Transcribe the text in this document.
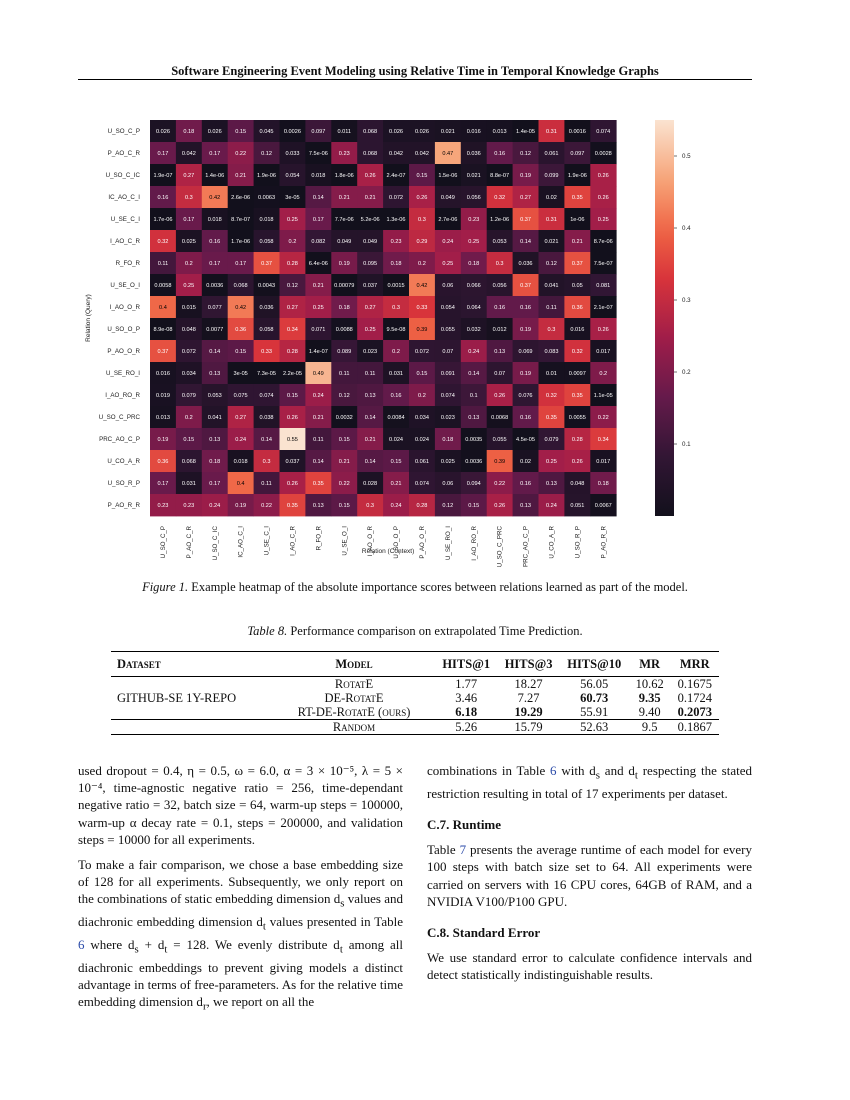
Software Engineering Event Modeling using Relative Time in Temporal Knowledge Graphs
0.026 0.18 0.026 0.15 0.045 0.0026 0.097 0.011 0.068 0.026 0.026 0.021 0.016 0.013 1.4e-05 0.31 0.0016 0.074
0.17 0.042 0.17	0.22	0.12 0.033 7.5e-06 0.23 0.068 0.042 0.042 0.47 0.036 0.16	0.12 0.061 0.097 0.0028
1.9e-07 0.27 1.4e-06 0.21 1.9e-06 0.054 0.018 1.8e-06 0.26 2.4e-07 0.15 1.5e-06 0.021 8.8e-07 0.19 0.099 1.9e-06 0.26
0.16	0.3	0.42 2.6e-06 0.0063 3e-05 0.14	0.21	0.21 0.072 0.26 0.049 0.056 0.32	0.27	0.02	0.35	0.26
1.7e-06 0.17 0.018 8.7e-07 0.018 0.25	0.17 7.7e-06 5.2e-06 1.3e-06 0.3 2.7e-06 0.23 1.2e-06 0.37	0.31 1e-06 0.25
0.32 0.025 0.16 1.7e-06 0.058	0.2	0.082 0.049 0.049 0.23	0.29	0.24	0.25 0.053 0.14 0.021 0.21 8.7e-06
0.11	0.2	0.17	0.17	0.37	0.28 6.4e-06 0.19 0.095 0.18	0.2	0.25	0.18	0.3	0.036 0.12	0.37 7.5e-07
0.0058 0.25 0.0036 0.068 0.0043 0.12	0.21 0.00079 0.037 0.0015 0.42	0.06 0.066 0.056 0.37 0.041 0.05 0.081
0.4	0.015 0.077 0.42 0.036 0.27	0.25	0.18	0.27	0.3	0.33 0.054 0.064 0.16	0.16	0.11	0.36 2.1e-07
8.9e-08 0.048 0.0077 0.36 0.058 0.34 0.071 0.0088 0.25 9.5e-08 0.39 0.055 0.032 0.012 0.19	0.3	0.016 0.26
0.37 0.072 0.14	0.15	0.33	0.28 1.4e-07 0.089 0.023	0.2	0.072 0.07	0.24	0.13 0.069 0.083 0.32 0.017
0.016 0.034 0.13 3e-05 7.3e-05 2.2e-05 0.49	0.11	0.11 0.031 0.15 0.091 0.14	0.07	0.19	0.01 0.0097 0.2
0.019 0.079 0.053 0.075 0.074 0.15	0.24	0.12	0.13	0.16	0.2	0.074	0.1	0.26 0.076 0.32	0.35 1.1e-05
0.013	0.2	0.041 0.27 0.038 0.26	0.21 0.0032 0.14 0.0084 0.034 0.023 0.13 0.0068 0.16	0.35 0.0055 0.22
0.19	0.15	0.13	0.24	0.14	0.55	0.11	0.15	0.21 0.024 0.024 0.18 0.0035 0.055 4.5e-05 0.079 0.28	0.34
0.36 0.068 0.18 0.018	0.3	0.037 0.14	0.21	0.14	0.15 0.061 0.025 0.0036 0.39	0.02	0.25	0.26 0.017
0.17 0.031 0.17	0.4	0.11	0.26	0.35	0.22 0.028 0.21 0.074 0.06 0.094 0.22	0.16	0.13 0.048 0.18
0.23	0.23	0.24	0.19	0.22	0.35	0.13	0.15	0.3	0.24	0.28	0.12	0.15	0.26	0.13	0.24 0.051 0.0067
U_SO_C_P
P_AO_C_R
U_SO_C_IC
IC_AO_C_I
U_SE_C_I
I_AO_C_R
R_FO_R
U_SE_O_I
I_AO_O_R
U_SO_O_P
P_AO_O_R
U_SE_RO_I
I_AO_RO_R
U_SO_C_PRC
PRC_AO_C_P
U_CO_A_R
U_SO_R_P
P_AO_R_R
U_SO_C_P	P_AO_C_R	U_SO_C_IC	IC_AO_C_I	U_SE_C_I	I_AO_C_R	R_FO_R	U_SE_O_I	I_AO_O_R	U_SO_O_P	P_AO_O_R	U_SE_RO_I	I_AO_RO_R	U_SO_C_PRC	PRC_AO_C_P	U_CO_A_R	U_SO_R_P	P_AO_R_R
Relation (Query)
Relation (Context)
0.1
0.2
0.3
0.4
0.5
Figure 1. Example heatmap of the absolute importance scores between relations learned as part of the model.
Table 8. Performance comparison on extrapolated Time Prediction.
Dataset	Model	HITS@1	HITS@3	HITS@10	MR	MRR
GITHUB-SE 1Y-REPO	RotatE	1.77	18.27	56.05	10.62	0.1675
	DE-RotatE	3.46	7.27	60.73	9.35	0.1724
	RT-DE-RotatE (ours)	6.18	19.29	55.91	9.40	0.2073
	Random	5.26	15.79	52.63	9.5	0.1867

used dropout = 0.4, η = 0.5, ω = 6.0, α = 3 × 10⁻⁵, λ = 5 × 10⁻⁴, time-agnostic negative ratio = 256, time-dependant negative ratio = 32, batch size = 64, warm-up steps = 100000, warm-up α decay rate = 0.1, steps = 200000, and validation steps = 10000 for all experiments.

To make a fair comparison, we chose a base embedding size of 128 for all experiments. Subsequently, we only report on the combinations of static embedding dimension $d_s$ values and diachronic embedding dimension $d_t$ values presented in Table 6 where $d_s + d_t = 128$. We evenly distribute $d_t$ among all diachronic embeddings to prevent giving models a distinct advantage in terms of free-parameters. As for the relative time embedding dimension $d_r$, we report on all the

combinations in Table 6 with $d_s$ and $d_t$ respecting the stated restriction resulting in total of 17 experiments per dataset.

C.7. Runtime

Table 7 presents the average runtime of each model for every 100 steps with batch size set to 64. All experiments were carried on servers with 16 CPU cores, 64GB of RAM, and a NVIDIA V100/P100 GPU.

C.8. Standard Error

We use standard error to calculate confidence intervals and detect statistically indistinguishable results.
